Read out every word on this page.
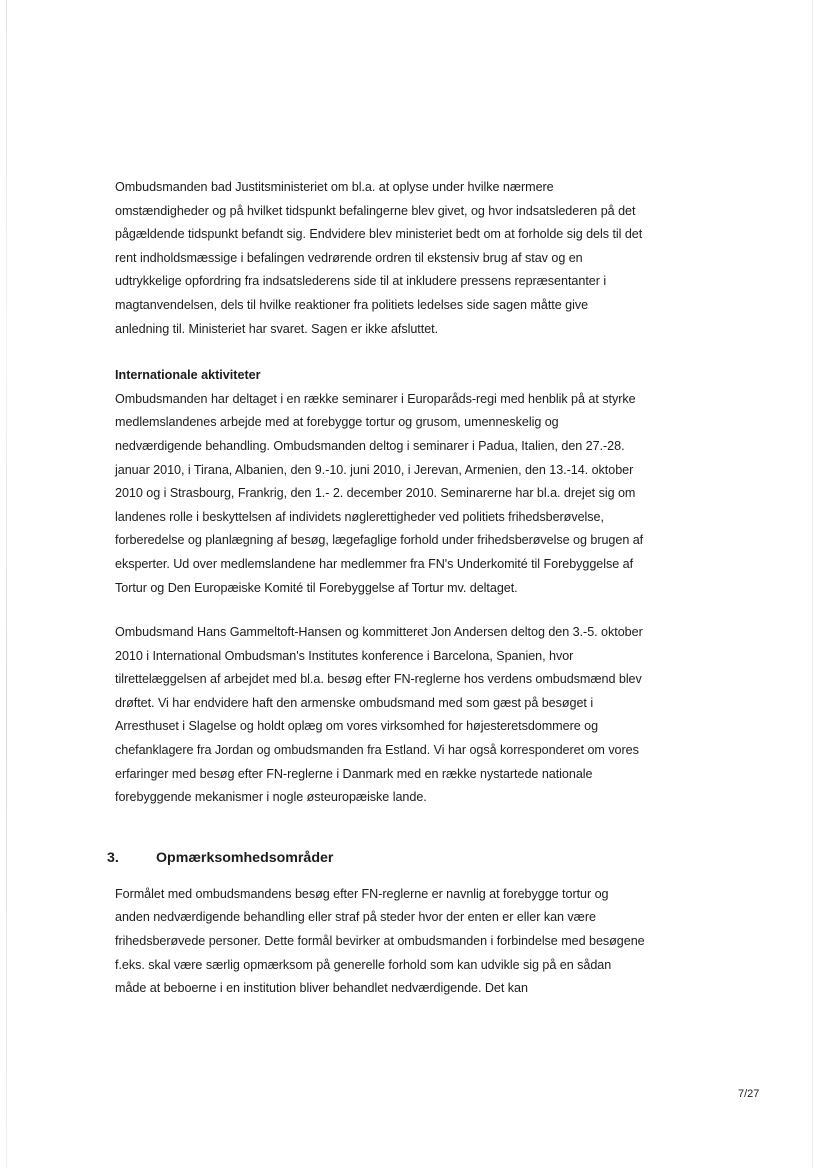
Ombudsmanden bad Justitsministeriet om bl.a. at oplyse under hvilke nærmere omstændigheder og på hvilket tidspunkt befalingerne blev givet, og hvor indsatslederen på det pågældende tidspunkt befandt sig. Endvidere blev ministeriet bedt om at forholde sig dels til det rent indholdsmæssige i befalingen vedrørende ordren til ekstensiv brug af stav og en udtrykkelige opfordring fra indsatslederens side til at inkludere pressens repræsentanter i magtanvendelsen, dels til hvilke reaktioner fra politiets ledelses side sagen måtte give anledning til. Ministeriet har svaret. Sagen er ikke afsluttet.

Internationale aktiviteter

Ombudsmanden har deltaget i en række seminarer i Europaråds-regi med henblik på at styrke medlemslandenes arbejde med at forebygge tortur og grusom, umenneskelig og nedværdigende behandling. Ombudsmanden deltog i seminarer i Padua, Italien, den 27.-28. januar 2010, i Tirana, Albanien, den 9.-10. juni 2010, i Jerevan, Armenien, den 13.-14. oktober 2010 og i Strasbourg, Frankrig, den 1.- 2. december 2010. Seminarerne har bl.a. drejet sig om landenes rolle i beskyttelsen af individets nøglerettigheder ved politiets frihedsberøvelse, forberedelse og planlægning af besøg, lægefaglige forhold under frihedsberøvelse og brugen af eksperter. Ud over medlemslandene har medlemmer fra FN's Underkomité til Forebyggelse af Tortur og Den Europæiske Komité til Forebyggelse af Tortur mv. deltaget.

Ombudsmand Hans Gammeltoft-Hansen og kommitteret Jon Andersen deltog den 3.-5. oktober 2010 i International Ombudsman's Institutes konference i Barcelona, Spanien, hvor tilrettelæggelsen af arbejdet med bl.a. besøg efter FN-reglerne hos verdens ombudsmænd blev drøftet. Vi har endvidere haft den armenske ombudsmand med som gæst på besøget i Arresthuset i Slagelse og holdt oplæg om vores virksomhed for højesteretsdommere og chefanklagere fra Jordan og ombudsmanden fra Estland. Vi har også korresponderet om vores erfaringer med besøg efter FN-reglerne i Danmark med en række nystartede nationale forebyggende mekanismer i nogle østeuropæiske lande.

3.	Opmærksomhedsområder

Formålet med ombudsmandens besøg efter FN-reglerne er navnlig at forebygge tortur og anden nedværdigende behandling eller straf på steder hvor der enten er eller kan være frihedsberøvede personer. Dette formål bevirker at ombudsmanden i forbindelse med besøgene f.eks. skal være særlig opmærksom på generelle forhold som kan udvikle sig på en sådan måde at beboerne i en institution bliver behandlet nedværdigende. Det kan

7/27
